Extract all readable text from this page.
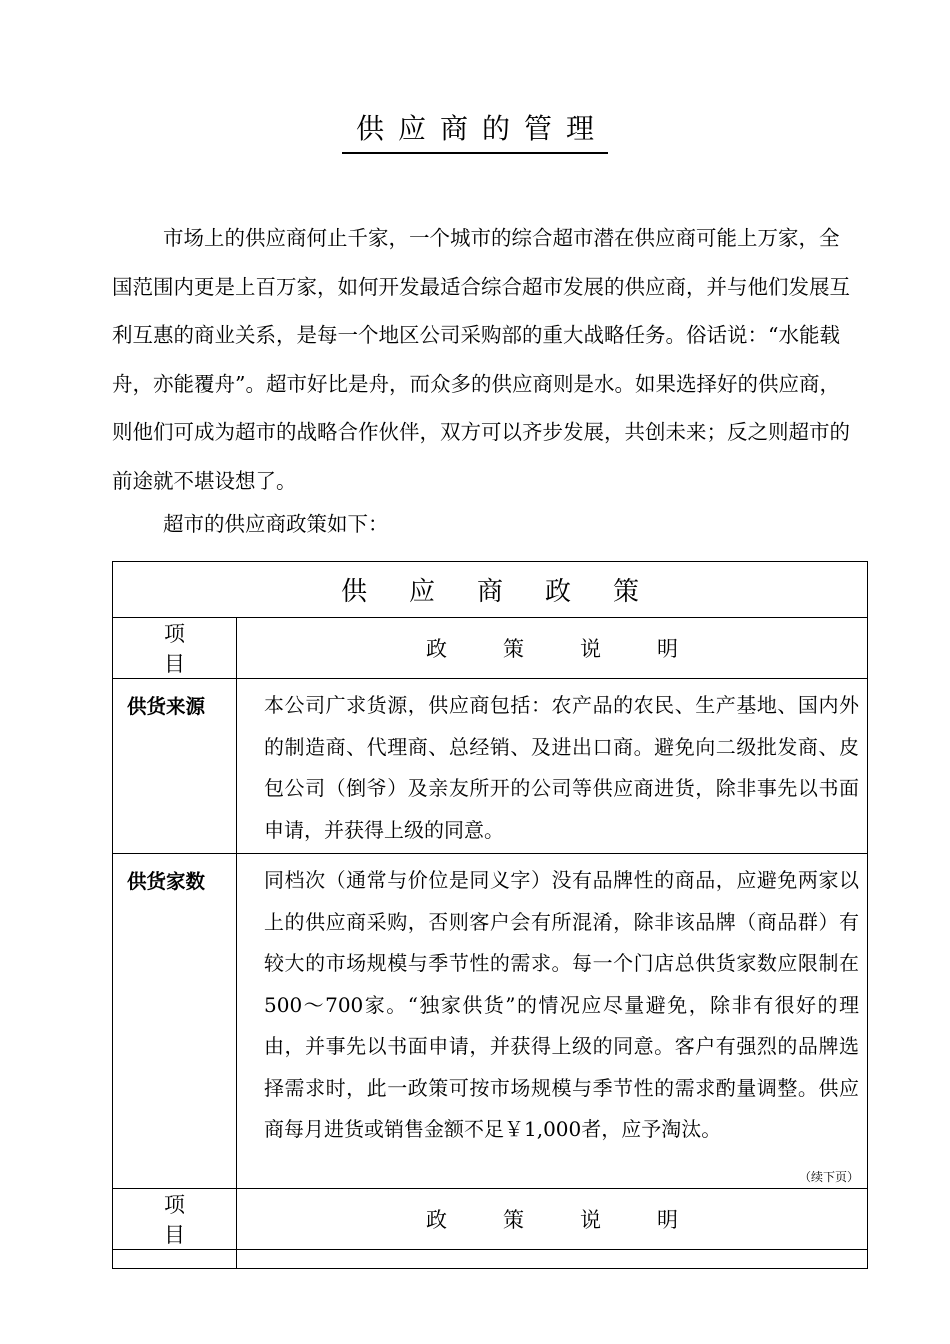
供应商的管理

市场上的供应商何止千家，一个城市的综合超市潜在供应商可能上万家，全国范围内更是上百万家，如何开发最适合综合超市发展的供应商，并与他们发展互利互惠的商业关系，是每一个地区公司采购部的重大战略任务。俗话说：“水能载舟，亦能覆舟”。超市好比是舟，而众多的供应商则是水。如果选择好的供应商，则他们可成为超市的战略合作伙伴，双方可以齐步发展，共创未来；反之则超市的前途就不堪设想了。

超市的供应商政策如下：

供应商政策	
项目	政策说明
供货来源	本公司广求货源，供应商包括：农产品的农民、生产基地、国内外的制造商、代理商、总经销、及进出口商。避免向二级批发商、皮包公司（倒爷）及亲友所开的公司等供应商进货，除非事先以书面申请，并获得上级的同意。
供货家数	同档次（通常与价位是同义字）没有品牌性的商品，应避免两家以上的供应商采购，否则客户会有所混淆，除非该品牌（商品群）有较大的市场规模与季节性的需求。每一个门店总供货家数应限制在500～700家。“独家供货”的情况应尽量避免，除非有很好的理由，并事先以书面申请，并获得上级的同意。客户有强烈的品牌选择需求时，此一政策可按市场规模与季节性的需求酌量调整。供应商每月进货或销售金额不足￥1,000者，应予淘汰。
（续下页）

项目	政策说明
